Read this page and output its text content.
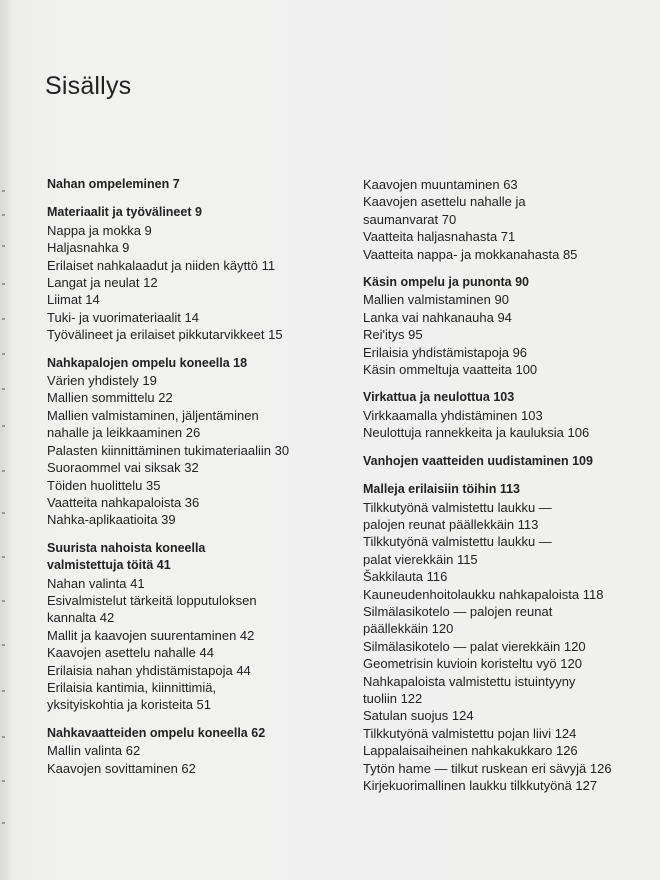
Sisällys
Nahan ompeleminen 7
Materiaalit ja työvälineet 9
Nappa ja mokka 9
Haljasnahka 9
Erilaiset nahkalaadut ja niiden käyttö 11
Langat ja neulat 12
Liimat 14
Tuki- ja vuorimateriaalit 14
Työvälineet ja erilaiset pikkutarvikkeet 15
Nahkapalojen ompelu koneella 18
Värien yhdistely 19
Mallien sommittelu 22
Mallien valmistaminen, jäljentäminen
nahalle ja leikkaaminen 26
Palasten kiinnittäminen tukimateriaaliin 30
Suoraommel vai siksak 32
Töiden huolittelu 35
Vaatteita nahkapaloista 36
Nahka-aplikaatioita 39
Suurista nahoista koneella
valmistettuja töitä 41
Nahan valinta 41
Esivalmistelut tärkeitä lopputuloksen
kannalta 42
Mallit ja kaavojen suurentaminen 42
Kaavojen asettelu nahalle 44
Erilaisia nahan yhdistämistapoja 44
Erilaisia kantimia, kiinnittimiä,
yksityiskohtia ja koristeita 51
Nahkavaatteiden ompelu koneella 62
Mallin valinta 62
Kaavojen sovittaminen 62
Kaavojen muuntaminen 63
Kaavojen asettelu nahalle ja
saumanvarat 70
Vaatteita haljasnahasta 71
Vaatteita nappa- ja mokkanahasta 85
Käsin ompelu ja punonta 90
Mallien valmistaminen 90
Lanka vai nahkanauha 94
Rei'itys 95
Erilaisia yhdistämistapoja 96
Käsin ommeltuja vaatteita 100
Virkattua ja neulottua 103
Virkkaamalla yhdistäminen 103
Neulottuja rannekkeita ja kauluksia 106
Vanhojen vaatteiden uudistaminen 109
Malleja erilaisiin töihin 113
Tilkkutyönä valmistettu laukku —
palojen reunat päällekkäin 113
Tilkkutyönä valmistettu laukku —
palat vierekkäin 115
Šakkilauta 116
Kauneudenhoitolaukku nahkapaloista 118
Silmälasikotelo — palojen reunat
päällekkäin 120
Silmälasikotelo — palat vierekkäin 120
Geometrisin kuvioin koristeltu vyö 120
Nahkapaloista valmistettu istuintyyny
tuoliin 122
Satulan suojus 124
Tilkkutyönä valmistettu pojan liivi 124
Lappalaisaiheinen nahkakukkaro 126
Tytön hame — tilkut ruskean eri sävyjä 126
Kirjekuorimallinen laukku tilkkutyönä 127
